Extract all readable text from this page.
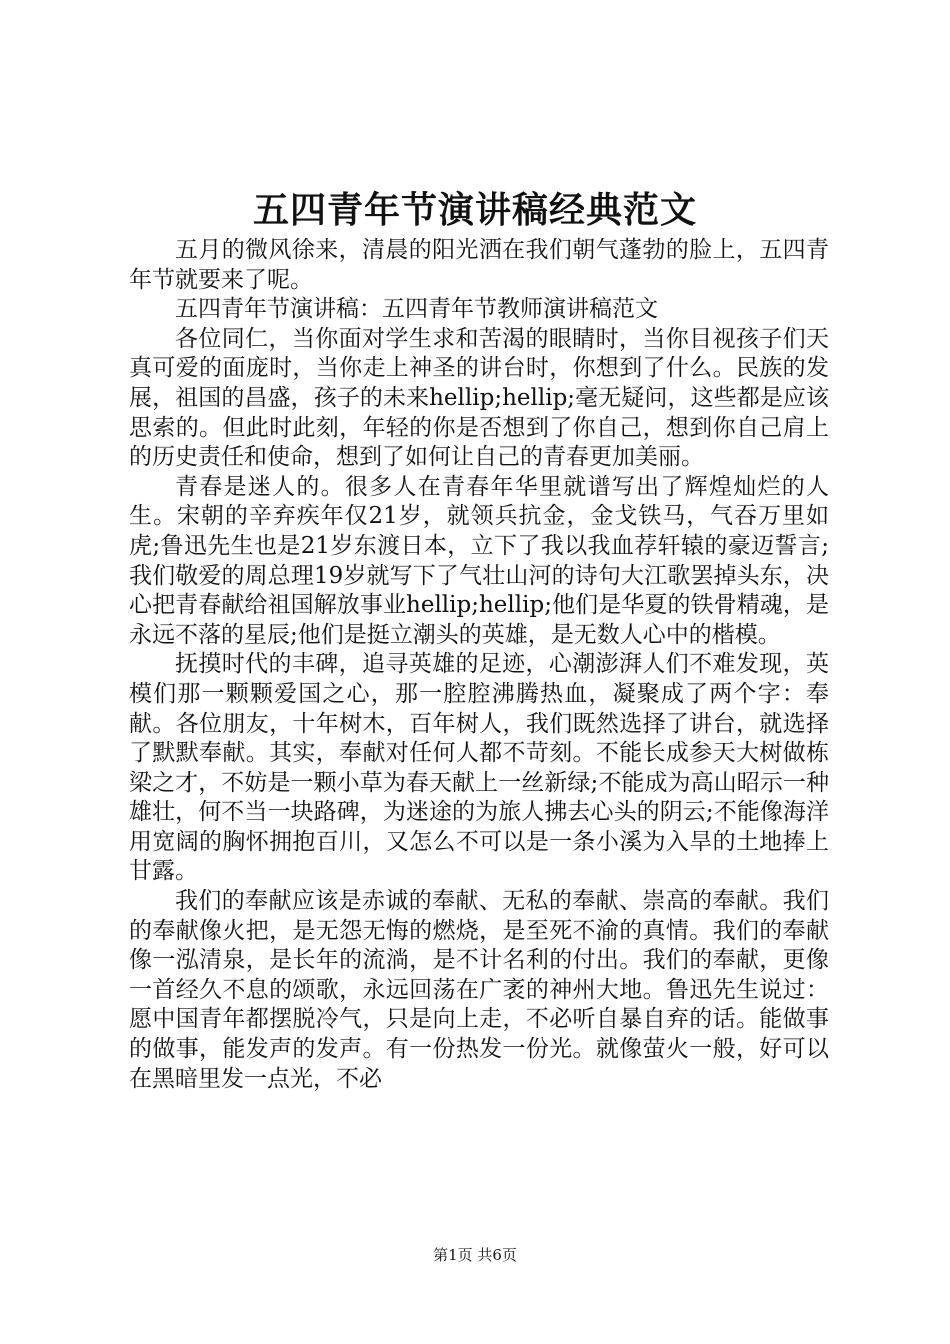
五四青年节演讲稿经典范文

五月的微风徐来，清晨的阳光洒在我们朝气蓬勃的脸上，五四青年节就要来了呢。

五四青年节演讲稿：五四青年节教师演讲稿范文

各位同仁，当你面对学生求和苦渴的眼睛时，当你目视孩子们天真可爱的面庞时，当你走上神圣的讲台时，你想到了什么。民族的发展，祖国的昌盛，孩子的未来hellip;hellip;毫无疑问，这些都是应该思索的。但此时此刻，年轻的你是否想到了你自己，想到你自己肩上的历史责任和使命，想到了如何让自己的青春更加美丽。

青春是迷人的。很多人在青春年华里就谱写出了辉煌灿烂的人生。宋朝的辛弃疾年仅21岁，就领兵抗金，金戈铁马，气吞万里如虎;鲁迅先生也是21岁东渡日本，立下了我以我血荐轩辕的豪迈誓言;我们敬爱的周总理19岁就写下了气壮山河的诗句大江歌罢掉头东，决心把青春献给祖国解放事业hellip;hellip;他们是华夏的铁骨精魂，是永远不落的星辰;他们是挺立潮头的英雄，是无数人心中的楷模。

抚摸时代的丰碑，追寻英雄的足迹，心潮澎湃人们不难发现，英模们那一颗颗爱国之心，那一腔腔沸腾热血，凝聚成了两个字：奉献。各位朋友，十年树木，百年树人，我们既然选择了讲台，就选择了默默奉献。其实，奉献对任何人都不苛刻。不能长成参天大树做栋梁之才，不妨是一颗小草为春天献上一丝新绿;不能成为高山昭示一种雄壮，何不当一块路碑，为迷途的为旅人拂去心头的阴云;不能像海洋用宽阔的胸怀拥抱百川，又怎么不可以是一条小溪为入旱的土地捧上甘露。

我们的奉献应该是赤诚的奉献、无私的奉献、崇高的奉献。我们的奉献像火把，是无怨无悔的燃烧，是至死不渝的真情。我们的奉献像一泓清泉，是长年的流淌，是不计名利的付出。我们的奉献，更像一首经久不息的颂歌，永远回荡在广袤的神州大地。鲁迅先生说过：愿中国青年都摆脱冷气，只是向上走，不必听自暴自弃的话。能做事的做事，能发声的发声。有一份热发一份光。就像萤火一般，好可以在黑暗里发一点光，不必

第1页 共6页
